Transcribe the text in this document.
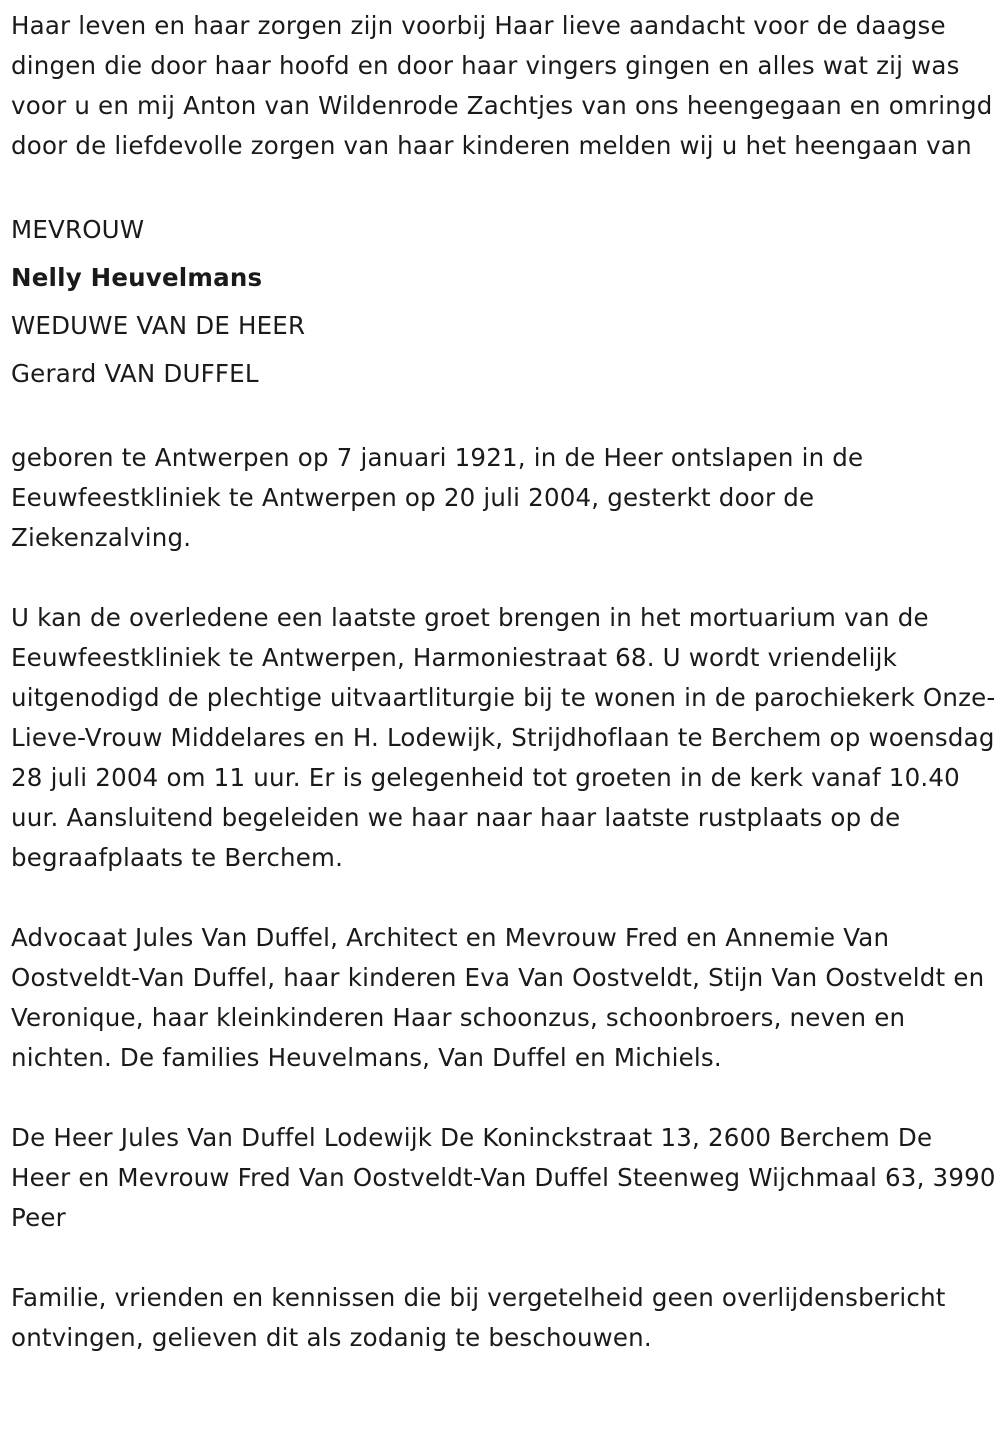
Haar leven en haar zorgen zijn voorbij Haar lieve aandacht voor de daagse dingen die door haar hoofd en door haar vingers gingen en alles wat zij was voor u en mij Anton van Wildenrode Zachtjes van ons heengegaan en omringd door de liefdevolle zorgen van haar kinderen melden wij u het heengaan van

MEVROUW
Nelly Heuvelmans
WEDUWE VAN DE HEER
Gerard VAN DUFFEL

geboren te Antwerpen op 7 januari 1921, in de Heer ontslapen in de Eeuwfeestkliniek te Antwerpen op 20 juli 2004, gesterkt door de Ziekenzalving.

U kan de overledene een laatste groet brengen in het mortuarium van de Eeuwfeestkliniek te Antwerpen, Harmoniestraat 68. U wordt vriendelijk uitgenodigd de plechtige uitvaartliturgie bij te wonen in de parochiekerk Onze-Lieve-Vrouw Middelares en H. Lodewijk, Strijdhoflaan te Berchem op woensdag 28 juli 2004 om 11 uur. Er is gelegenheid tot groeten in de kerk vanaf 10.40 uur. Aansluitend begeleiden we haar naar haar laatste rustplaats op de begraafplaats te Berchem.

Advocaat Jules Van Duffel, Architect en Mevrouw Fred en Annemie Van Oostveldt-Van Duffel, haar kinderen Eva Van Oostveldt, Stijn Van Oostveldt en Veronique, haar kleinkinderen Haar schoonzus, schoonbroers, neven en nichten. De families Heuvelmans, Van Duffel en Michiels.

De Heer Jules Van Duffel Lodewijk De Koninckstraat 13, 2600 Berchem De Heer en Mevrouw Fred Van Oostveldt-Van Duffel Steenweg Wijchmaal 63, 3990 Peer

Familie, vrienden en kennissen die bij vergetelheid geen overlijdensbericht ontvingen, gelieven dit als zodanig te beschouwen.
